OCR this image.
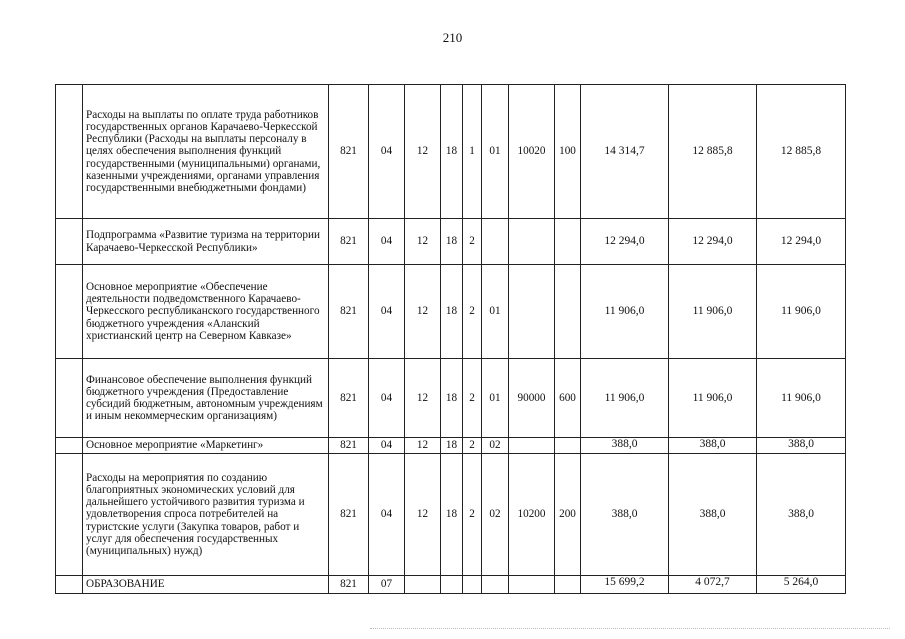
210
	Расходы на выплаты по оплате труда работников государственных органов Карачаево-Черкесской Республики (Расходы на выплаты персоналу в целях обеспечения выполнения функций государственными (муниципальными) органами, казенными учреждениями, органами управления государственными внебюджетными фондами)	821	04	12	18	1	01	10020	100	14 314,7	12 885,8	12 885,8
	Подпрограмма «Развитие туризма на территории Карачаево-Черкесской Республики»	821	04	12	18	2				12 294,0	12 294,0	12 294,0
	Основное мероприятие «Обеспечение деятельности подведомственного Карачаево-Черкесского республиканского государственного бюджетного учреждения «Аланский христианский центр на Северном Кавказе»	821	04	12	18	2	01			11 906,0	11 906,0	11 906,0
	Финансовое обеспечение выполнения функций бюджетного учреждения (Предоставление субсидий бюджетным, автономным учреждениям и иным некоммерческим организациям)	821	04	12	18	2	01	90000	600	11 906,0	11 906,0	11 906,0
	Основное мероприятие «Маркетинг»	821	04	12	18	2	02			388,0	388,0	388,0
	Расходы на мероприятия по созданию благоприятных экономических условий для дальнейшего устойчивого развития туризма и удовлетворения спроса потребителей на туристские услуги (Закупка товаров, работ и услуг для обеспечения государственных (муниципальных) нужд)	821	04	12	18	2	02	10200	200	388,0	388,0	388,0
	ОБРАЗОВАНИЕ	821	07							15 699,2	4 072,7	5 264,0
